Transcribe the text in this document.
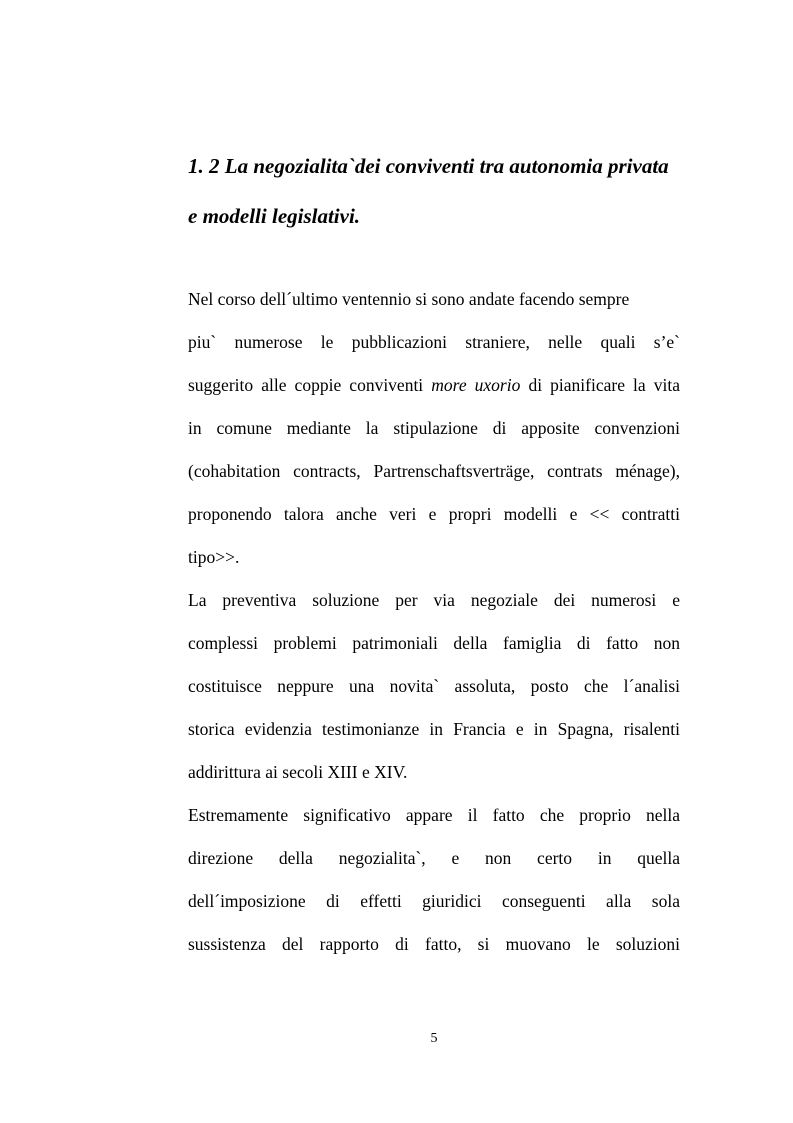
1. 2 La negozialita`dei conviventi tra autonomia privata
e modelli legislativi.
Nel corso dell´ultimo ventennio si sono andate facendo sempre
piu` numerose le pubblicazioni straniere, nelle quali s’e`
suggerito alle coppie conviventi more uxorio di pianificare la vita
in comune mediante la stipulazione di apposite convenzioni
(cohabitation contracts, Partrenschaftsverträge, contrats ménage),
proponendo talora anche veri e propri modelli e << contratti
tipo>>.
La preventiva soluzione per via negoziale dei numerosi e
complessi problemi patrimoniali della famiglia di fatto non
costituisce neppure una novita` assoluta, posto che l´analisi
storica evidenzia testimonianze in Francia e in Spagna, risalenti
addirittura ai secoli XIII e XIV.
Estremamente significativo appare il fatto che proprio nella
direzione della negozialita`, e non certo in quella
dell´imposizione di effetti giuridici conseguenti alla sola
sussistenza del rapporto di fatto, si muovano le soluzioni
5
